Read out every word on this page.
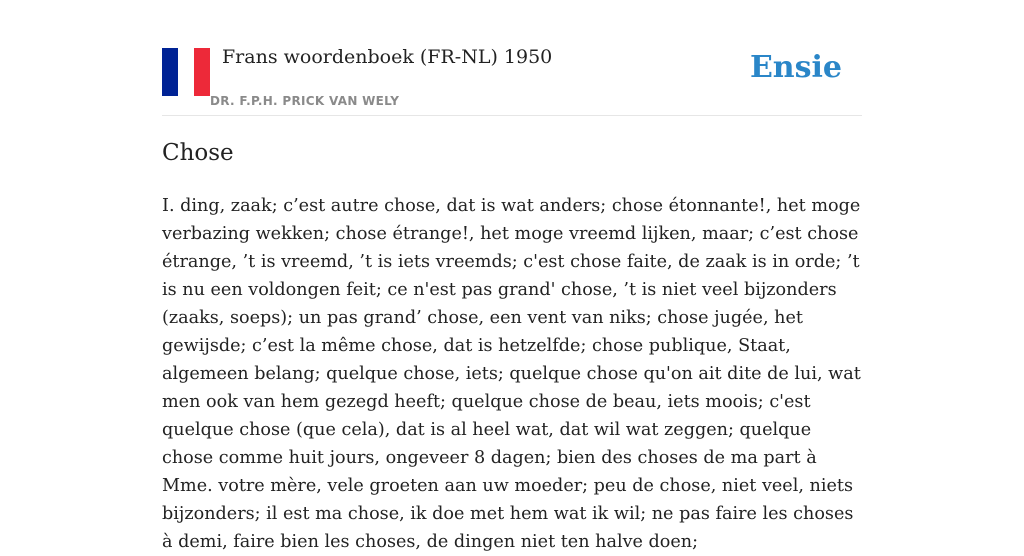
Frans woordenboek (FR-NL) 1950
DR. F.P.H. PRICK VAN WELY
Ensie
Chose

I. ding, zaak; c’est autre chose, dat is wat anders; chose étonnante!, het moge verbazing wekken; chose étrange!, het moge vreemd lijken, maar; c’est chose étrange, ’t is vreemd, ’t is iets vreemds; c'est chose faite, de zaak is in orde; ’t is nu een voldongen feit; ce n'est pas grand' chose, ’t is niet veel bijzonders (zaaks, soeps); un pas grand’ chose, een vent van niks; chose jugée, het gewijsde; c’est la même chose, dat is hetzelfde; chose publique, Staat, algemeen belang; quelque chose, iets; quelque chose qu'on ait dite de lui, wat men ook van hem gezegd heeft; quelque chose de beau, iets moois; c'est quelque chose (que cela), dat is al heel wat, dat wil wat zeggen; quelque chose comme huit jours, ongeveer 8 dagen; bien des choses de ma part à Mme. votre mère, vele groeten aan uw moeder; peu de chose, niet veel, niets bijzonders; il est ma chose, ik doe met hem wat ik wil; ne pas faire les choses à demi, faire bien les choses, de dingen niet ten halve doen;
